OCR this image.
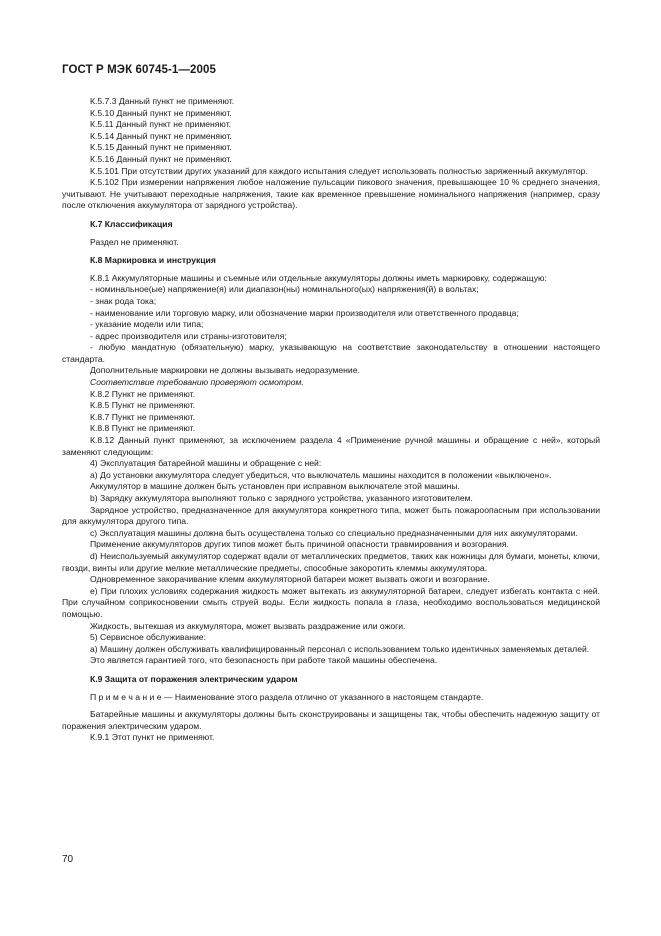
ГОСТ Р МЭК 60745-1—2005

К.5.7.3 Данный пункт не применяют.

К.5.10 Данный пункт не применяют.

К.5.11 Данный пункт не применяют.

К.5.14 Данный пункт не применяют.

К.5.15 Данный пункт не применяют.

К.5.16 Данный пункт не применяют.

К.5.101 При отсутствии других указаний для каждого испытания следует использовать полностью заряженный аккумулятор.

К.5.102 При измерении напряжения любое наложение пульсации пикового значения, превышающее 10 % среднего значения, учитывают. Не учитывают переходные напряжения, такие как временное превышение номинального напряжения (например, сразу после отключения аккумулятора от зарядного устройства).

К.7 Классификация

Раздел не применяют.

К.8 Маркировка и инструкция

К.8.1 Аккумуляторные машины и съемные или отдельные аккумуляторы должны иметь маркировку, содержащую:

- номинальное(ые) напряжение(я) или диапазон(ны) номинального(ых) напряжения(й) в вольтах;

- знак рода тока;

- наименование или торговую марку, или обозначение марки производителя или ответственного продавца;

- указание модели или типа;

- адрес производителя или страны-изготовителя;

- любую мандатную (обязательную) марку, указывающую на соответствие законодательству в отношении настоящего стандарта.

Дополнительные маркировки не должны вызывать недоразумение.

Соответствие требованию проверяют осмотром.

К.8.2 Пункт не применяют.

К.8.5 Пункт не применяют.

К.8.7 Пункт не применяют.

К.8.8 Пункт не применяют.

К.8.12 Данный пункт применяют, за исключением раздела 4 «Применение ручной машины и обращение с ней», который заменяют следующим:

4) Эксплуатация батарейной машины и обращение с ней:

а) До установки аккумулятора следует убедиться, что выключатель машины находится в положении «выключено».

Аккумулятор в машине должен быть установлен при исправном выключателе этой машины.

b) Зарядку аккумулятора выполняют только с зарядного устройства, указанного изготовителем.

Зарядное устройство, предназначенное для аккумулятора конкретного типа, может быть пожароопасным при использовании для аккумулятора другого типа.

с) Эксплуатация машины должна быть осуществлена только со специально предназначенными для них аккумуляторами.

Применение аккумуляторов других типов может быть причиной опасности травмирования и возгорания.

d) Неиспользуемый аккумулятор содержат вдали от металлических предметов, таких как ножницы для бумаги, монеты, ключи, гвозди, винты или другие мелкие металлические предметы, способные закоротить клеммы аккумулятора.

Одновременное закорачивание клемм аккумуляторной батареи может вызвать ожоги и возгорание.

е) При плохих условиях содержания жидкость может вытекать из аккумуляторной батареи, следует избегать контакта с ней. При случайном соприкосновении смыть струей воды. Если жидкость попала в глаза, необходимо воспользоваться медицинской помощью.

Жидкость, вытекшая из аккумулятора, может вызвать раздражение или ожоги.

5) Сервисное обслуживание:

а) Машину должен обслуживать квалифицированный персонал с использованием только идентичных заменяемых деталей.

Это является гарантией того, что безопасность при работе такой машины обеспечена.

К.9 Защита от поражения электрическим ударом

П р и м е ч а н и е — Наименование этого раздела отлично от указанного в настоящем стандарте.

Батарейные машины и аккумуляторы должны быть сконструированы и защищены так, чтобы обеспечить надежную защиту от поражения электрическим ударом.

К.9.1 Этот пункт не применяют.

70
